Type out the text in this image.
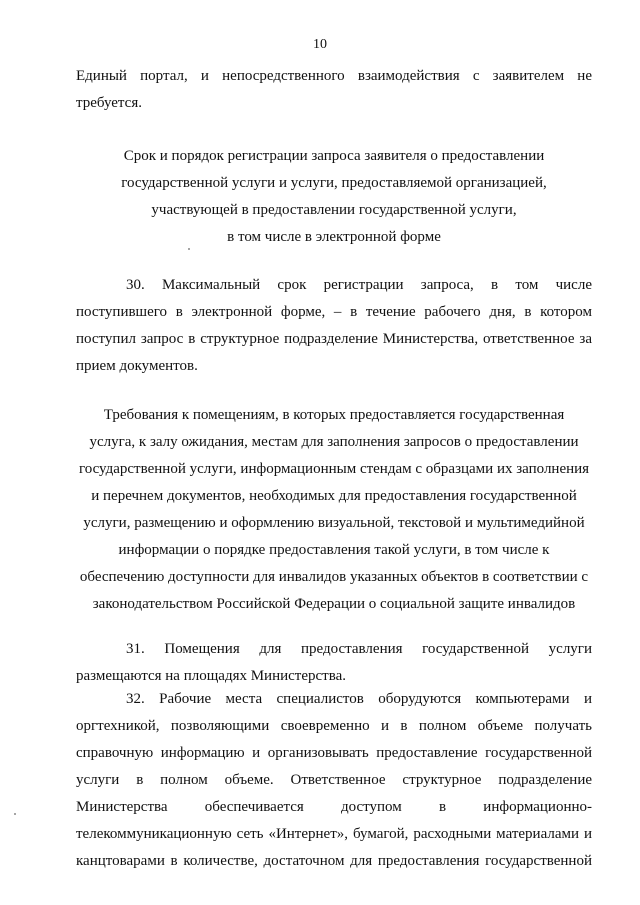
10
Единый портал, и непосредственного взаимодействия с заявителем не
требуется.
Срок и порядок регистрации запроса заявителя о предоставлении
государственной услуги и услуги, предоставляемой организацией,
участвующей в предоставлении государственной услуги,
в том числе в электронной форме
30. Максимальный срок регистрации запроса, в том числе
поступившего в электронной форме, – в течение рабочего дня, в котором
поступил запрос в структурное подразделение Министерства, ответственное за
прием документов.
Требования к помещениям, в которых предоставляется государственная
услуга, к залу ожидания, местам для заполнения запросов о предоставлении
государственной услуги, информационным стендам с образцами их заполнения
и перечнем документов, необходимых для предоставления государственной
услуги, размещению и оформлению визуальной, текстовой и мультимедийной
информации о порядке предоставления такой услуги, в том числе к
обеспечению доступности для инвалидов указанных объектов в соответствии с
законодательством Российской Федерации о социальной защите инвалидов
31. Помещения для предоставления государственной услуги
размещаются на площадях Министерства.
32. Рабочие места специалистов оборудуются компьютерами и
оргтехникой, позволяющими своевременно и в полном объеме получать
справочную информацию и организовывать предоставление государственной
услуги в полном объеме. Ответственное структурное подразделение
Министерства обеспечивается доступом в информационно-
телекоммуникационную сеть «Интернет», бумагой, расходными материалами и
канцтоварами в количестве, достаточном для предоставления государственной
